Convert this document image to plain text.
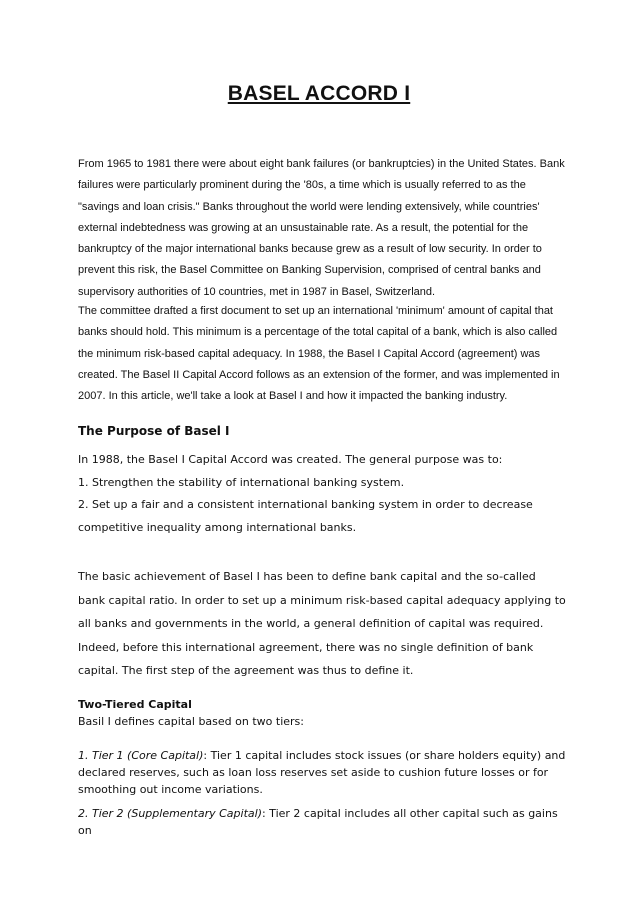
BASEL ACCORD I
From 1965 to 1981 there were about eight bank failures (or bankruptcies) in the United States. Bank failures were particularly prominent during the '80s, a time which is usually referred to as the "savings and loan crisis." Banks throughout the world were lending extensively, while countries' external indebtedness was growing at an unsustainable rate. As a result, the potential for the bankruptcy of the major international banks because grew as a result of low security. In order to prevent this risk, the Basel Committee on Banking Supervision, comprised of central banks and supervisory authorities of 10 countries, met in 1987 in Basel, Switzerland.
The committee drafted a first document to set up an international 'minimum' amount of capital that banks should hold. This minimum is a percentage of the total capital of a bank, which is also called the minimum risk-based capital adequacy. In 1988, the Basel I Capital Accord (agreement) was created. The Basel II Capital Accord follows as an extension of the former, and was implemented in 2007. In this article, we'll take a look at Basel I and how it impacted the banking industry.
The Purpose of Basel I
In 1988, the Basel I Capital Accord was created. The general purpose was to:
1. Strengthen the stability of international banking system.
2. Set up a fair and a consistent international banking system in order to decrease competitive inequality among international banks.
The basic achievement of Basel I has been to define bank capital and the so-called bank capital ratio. In order to set up a minimum risk-based capital adequacy applying to all banks and governments in the world, a general definition of capital was required. Indeed, before this international agreement, there was no single definition of bank capital. The first step of the agreement was thus to define it.
Two-Tiered Capital
Basil I defines capital based on two tiers:
1. Tier 1 (Core Capital): Tier 1 capital includes stock issues (or share holders equity) and declared reserves, such as loan loss reserves set aside to cushion future losses or for smoothing out income variations.
2. Tier 2 (Supplementary Capital): Tier 2 capital includes all other capital such as gains on
